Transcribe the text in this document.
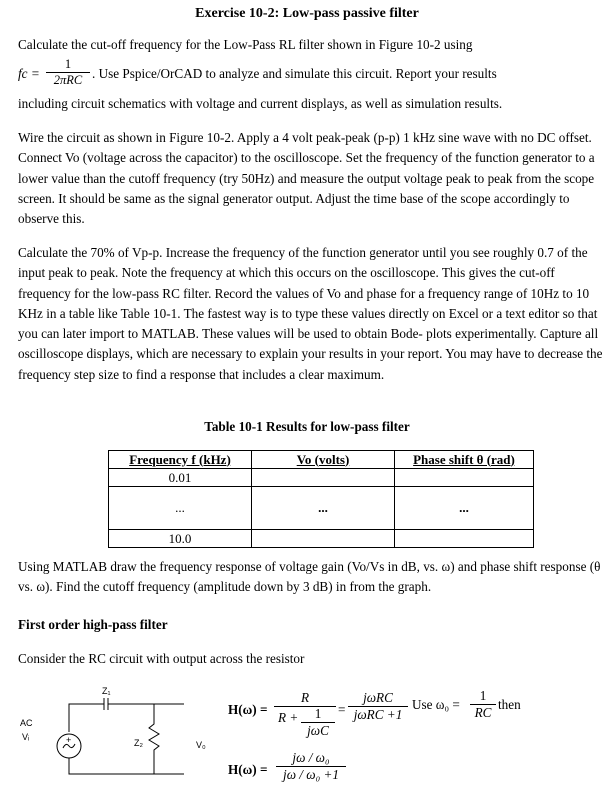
Exercise 10-2: Low-pass passive filter
Calculate the cut-off frequency for the Low-Pass RL filter shown in Figure 10-2 using
fc =
1
2πRC . Use Pspice/OrCAD to analyze and simulate this circuit. Report your results
including circuit schematics with voltage and current displays, as well as simulation results.
Wire the circuit as shown in Figure 10-2. Apply a 4 volt peak-peak (p-p) 1 kHz sine wave with no DC offset. Connect Vo (voltage across the capacitor) to the oscilloscope. Set the frequency of the function generator to a lower value than the cutoff frequency (try 50Hz) and measure the output voltage peak to peak from the scope screen. It should be same as the signal generator output. Adjust the time base of the scope accordingly to observe this.
Calculate the 70% of Vp-p. Increase the frequency of the function generator until you see roughly 0.7 of the input peak to peak. Note the frequency at which this occurs on the oscilloscope. This gives the cut-off frequency for the low-pass RC filter. Record the values of Vo and phase for a frequency range of 10Hz to 10 KHz in a table like Table 10-1. The fastest way is to type these values directly on Excel or a text editor so that you can later import to MATLAB. These values will be used to obtain Bode- plots experimentally. Capture all oscilloscope displays, which are necessary to explain your results in your report. You may have to decrease the frequency step size to find a response that includes a clear maximum.
Table 10-1 Results for low-pass filter
Frequency f (kHz)	Vo (volts)	Phase shift θ (rad)
0.01		
...	...	...
10.0		
Using MATLAB draw the frequency response of voltage gain (Vo/Vs in dB, vs. ω) and phase shift response (θ vs. ω). Find the cutoff frequency (amplitude down by 3 dB) in from the graph.
First order high-pass filter
Consider the RC circuit with output across the resistor
Z₁
Z₂
AC
Vᵢ
V₀
+
H(ω) =
R
R +	1
jωC
=
jωRC
jωRC +1
Use $\omega_0 = \frac{1}{RC}$ then
$H(\omega) = \frac{\text{jω / ω₀}}{\text{jω / ω₀ +1}}$
